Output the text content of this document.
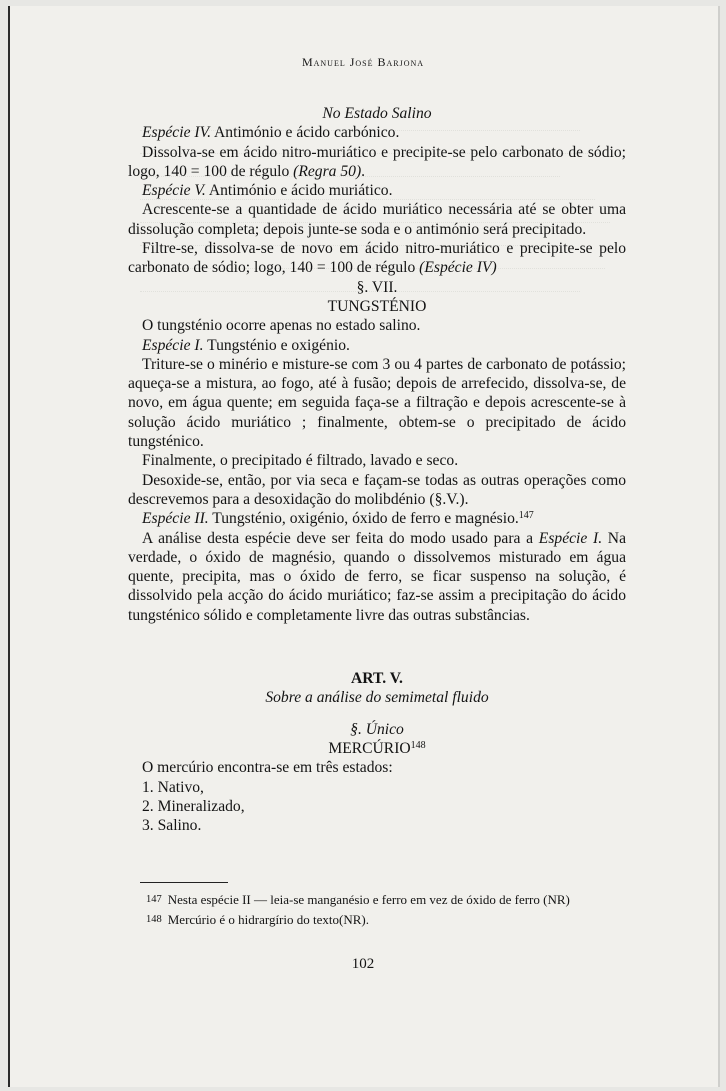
Manuel José Barjona

No Estado Salino

Espécie IV. Antimónio e ácido carbónico.

Dissolva-se em ácido nitro-muriático e precipite-se pelo carbonato de sódio; logo, 140 = 100 de régulo (Regra 50).

Espécie V. Antimónio e ácido muriático.

Acrescente-se a quantidade de ácido muriático necessária até se obter uma dissolução completa; depois junte-se soda e o antimónio será precipitado.

Filtre-se, dissolva-se de novo em ácido nitro-muriático e precipite-se pelo carbonato de sódio; logo, 140 = 100 de régulo (Espécie IV)

§. VII.

TUNGSTÉNIO

O tungsténio ocorre apenas no estado salino.

Espécie I. Tungsténio e oxigénio.

Triture-se o minério e misture-se com 3 ou 4 partes de carbonato de potássio; aqueça-se a mistura, ao fogo, até à fusão; depois de arrefecido, dissolva-se, de novo, em água quente; em seguida faça-se a filtração e depois acrescente-se à solução ácido muriático ; finalmente, obtem-se o precipitado de ácido tungsténico.

Finalmente, o precipitado é filtrado, lavado e seco.

Desoxide-se, então, por via seca e façam-se todas as outras operações como descrevemos para a desoxidação do molibdénio (§.V.).

Espécie II. Tungsténio, oxigénio, óxido de ferro e magnésio.$^{147}$

A análise desta espécie deve ser feita do modo usado para a Espécie I. Na verdade, o óxido de magnésio, quando o dissolvemos misturado em água quente, precipita, mas o óxido de ferro, se ficar suspenso na solução, é dissolvido pela acção do ácido muriático; faz-se assim a precipitação do ácido tungsténico sólido e completamente livre das outras substâncias.

ART. V.

Sobre a análise do semimetal fluido

§. Único

MERCÚRIO$^{148}$

O mercúrio encontra-se em três estados:

1. Nativo,

2. Mineralizado,

3. Salino.

147 Nesta espécie II — leia-se manganésio e ferro em vez de óxido de ferro (NR)
148 Mercúrio é o hidrargírio do texto(NR).
102
